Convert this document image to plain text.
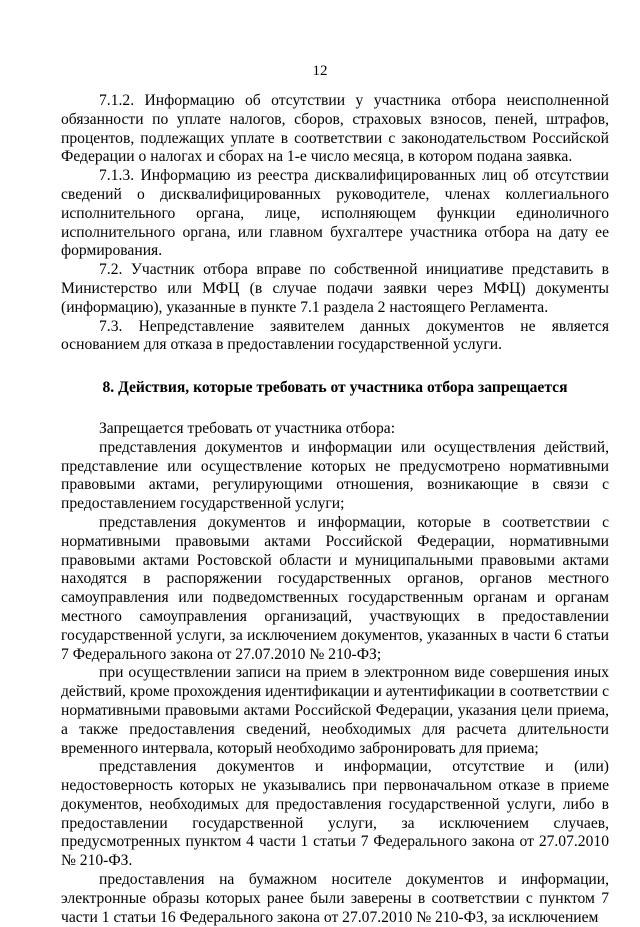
12

7.1.2. Информацию об отсутствии у участника отбора неисполненной обязанности по уплате налогов, сборов, страховых взносов, пеней, штрафов, процентов, подлежащих уплате в соответствии с законодательством Российской Федерации о налогах и сборах на 1-е число месяца, в котором подана заявка.

7.1.3. Информацию из реестра дисквалифицированных лиц об отсутствии сведений о дисквалифицированных руководителе, членах коллегиального исполнительного органа, лице, исполняющем функции единоличного исполнительного органа, или главном бухгалтере участника отбора на дату ее формирования.

7.2. Участник отбора вправе по собственной инициативе представить в Министерство или МФЦ (в случае подачи заявки через МФЦ) документы (информацию), указанные в пункте 7.1 раздела 2 настоящего Регламента.

7.3. Непредставление заявителем данных документов не является основанием для отказа в предоставлении государственной услуги.

8. Действия, которые требовать от участника отбора запрещается

Запрещается требовать от участника отбора:

представления документов и информации или осуществления действий, представление или осуществление которых не предусмотрено нормативными правовыми актами, регулирующими отношения, возникающие в связи с предоставлением государственной услуги;

представления документов и информации, которые в соответствии с нормативными правовыми актами Российской Федерации, нормативными правовыми актами Ростовской области и муниципальными правовыми актами находятся в распоряжении государственных органов, органов местного самоуправления или подведомственных государственным органам и органам местного самоуправления организаций, участвующих в предоставлении государственной услуги, за исключением документов, указанных в части 6 статьи 7 Федерального закона от 27.07.2010 № 210-ФЗ;

при осуществлении записи на прием в электронном виде совершения иных действий, кроме прохождения идентификации и аутентификации в соответствии с нормативными правовыми актами Российской Федерации, указания цели приема, а также предоставления сведений, необходимых для расчета длительности временного интервала, который необходимо забронировать для приема;

представления документов и информации, отсутствие и (или) недостоверность которых не указывались при первоначальном отказе в приеме документов, необходимых для предоставления государственной услуги, либо в предоставлении государственной услуги, за исключением случаев, предусмотренных пунктом 4 части 1 статьи 7 Федерального закона от 27.07.2010 № 210-ФЗ.

предоставления на бумажном носителе документов и информации, электронные образы которых ранее были заверены в соответствии с пунктом 7 части 1 статьи 16 Федерального закона от 27.07.2010 № 210-ФЗ, за исключением
